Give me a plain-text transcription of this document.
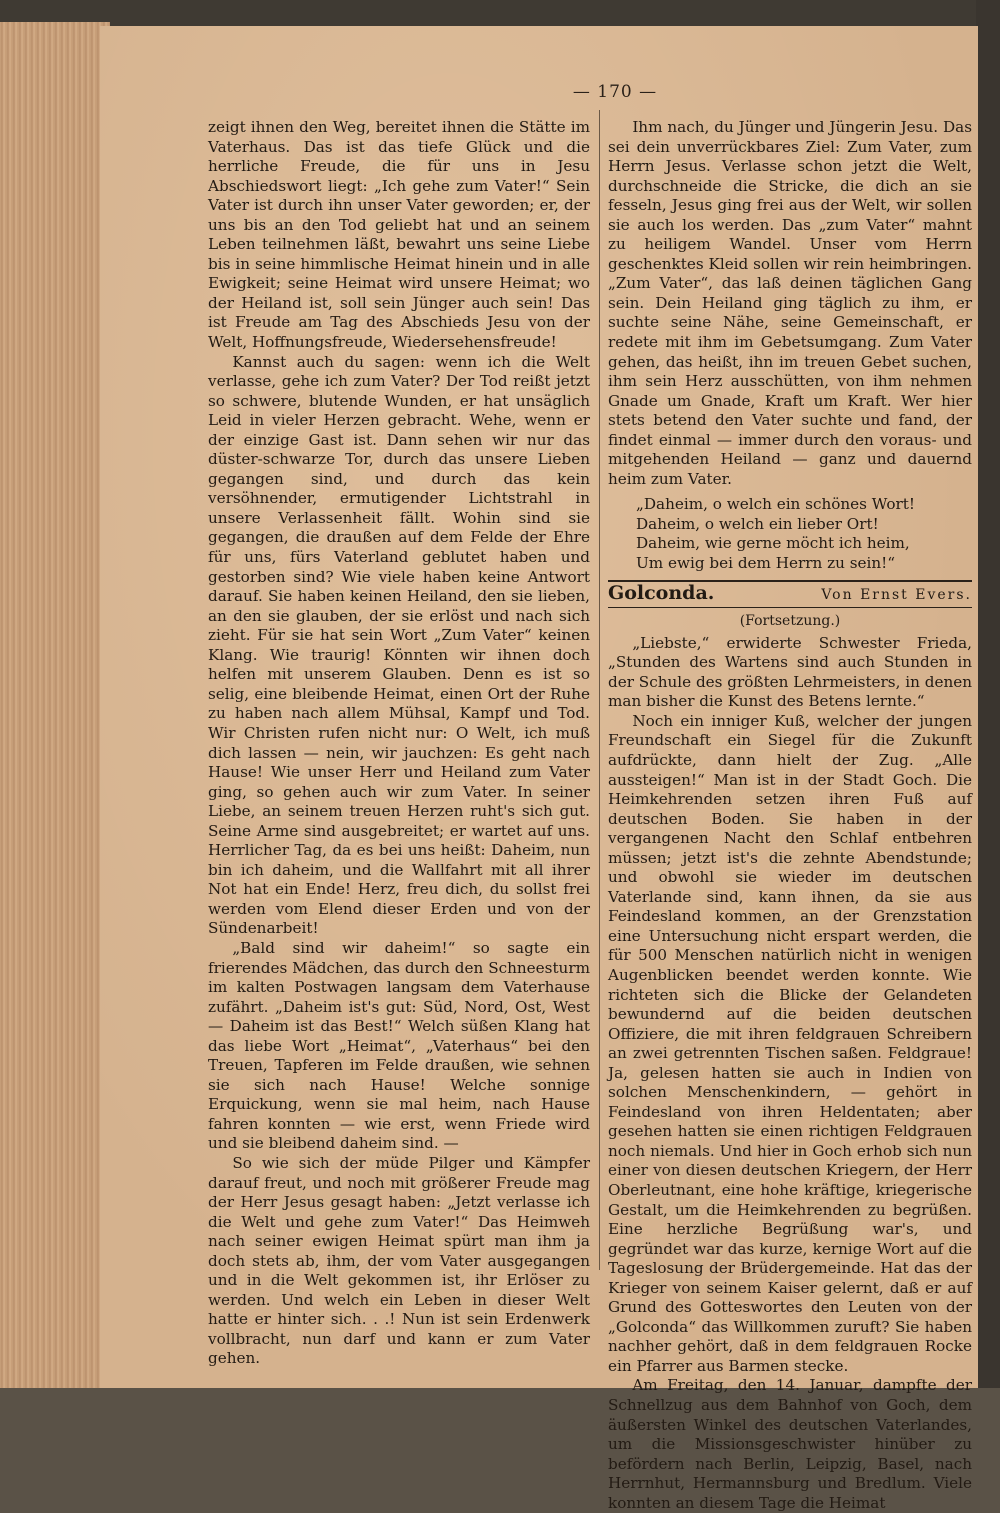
— 170 —

zeigt ihnen den Weg, bereitet ihnen die Stätte im Vaterhaus. Das ist das tiefe Glück und die herrliche Freude, die für uns in Jesu Abschiedswort liegt: „Ich gehe zum Vater!“ Sein Vater ist durch ihn unser Vater geworden; er, der uns bis an den Tod geliebt hat und an seinem Leben teilnehmen läßt, bewahrt uns seine Liebe bis in seine himmlische Heimat hinein und in alle Ewigkeit; seine Heimat wird unsere Heimat; wo der Heiland ist, soll sein Jünger auch sein! Das ist Freude am Tag des Abschieds Jesu von der Welt, Hoffnungsfreude, Wiedersehensfreude!

Kannst auch du sagen: wenn ich die Welt verlasse, gehe ich zum Vater? Der Tod reißt jetzt so schwere, blutende Wunden, er hat unsäglich Leid in vieler Herzen gebracht. Wehe, wenn er der einzige Gast ist. Dann sehen wir nur das düster-schwarze Tor, durch das unsere Lieben gegangen sind, und durch das kein versöhnender, ermutigender Lichtstrahl in unsere Verlassenheit fällt. Wohin sind sie gegangen, die draußen auf dem Felde der Ehre für uns, fürs Vaterland geblutet haben und gestorben sind? Wie viele haben keine Antwort darauf. Sie haben keinen Heiland, den sie lieben, an den sie glauben, der sie erlöst und nach sich zieht. Für sie hat sein Wort „Zum Vater“ keinen Klang. Wie traurig! Könnten wir ihnen doch helfen mit unserem Glauben. Denn es ist so selig, eine bleibende Heimat, einen Ort der Ruhe zu haben nach allem Mühsal, Kampf und Tod. Wir Christen rufen nicht nur: O Welt, ich muß dich lassen — nein, wir jauchzen: Es geht nach Hause! Wie unser Herr und Heiland zum Vater ging, so gehen auch wir zum Vater. In seiner Liebe, an seinem treuen Herzen ruht's sich gut. Seine Arme sind ausgebreitet; er wartet auf uns. Herrlicher Tag, da es bei uns heißt: Daheim, nun bin ich daheim, und die Wallfahrt mit all ihrer Not hat ein Ende! Herz, freu dich, du sollst frei werden vom Elend dieser Erden und von der Sündenarbeit!

„Bald sind wir daheim!“ so sagte ein frierendes Mädchen, das durch den Schneesturm im kalten Postwagen langsam dem Vaterhause zufährt. „Daheim ist's gut: Süd, Nord, Ost, West — Daheim ist das Best!“ Welch süßen Klang hat das liebe Wort „Heimat“, „Vaterhaus“ bei den Treuen, Tapferen im Felde draußen, wie sehnen sie sich nach Hause! Welche sonnige Erquickung, wenn sie mal heim, nach Hause fahren konnten — wie erst, wenn Friede wird und sie bleibend daheim sind. —

So wie sich der müde Pilger und Kämpfer darauf freut, und noch mit größerer Freude mag der Herr Jesus gesagt haben: „Jetzt verlasse ich die Welt und gehe zum Vater!“ Das Heimweh nach seiner ewigen Heimat spürt man ihm ja doch stets ab, ihm, der vom Vater ausgegangen und in die Welt gekommen ist, ihr Erlöser zu werden. Und welch ein Leben in dieser Welt hatte er hinter sich. . .! Nun ist sein Erdenwerk vollbracht, nun darf und kann er zum Vater gehen.

Ihm nach, du Jünger und Jüngerin Jesu. Das sei dein unverrückbares Ziel: Zum Vater, zum Herrn Jesus. Verlasse schon jetzt die Welt, durchschneide die Stricke, die dich an sie fesseln, Jesus ging frei aus der Welt, wir sollen sie auch los werden. Das „zum Vater“ mahnt zu heiligem Wandel. Unser vom Herrn geschenktes Kleid sollen wir rein heimbringen. „Zum Vater“, das laß deinen täglichen Gang sein. Dein Heiland ging täglich zu ihm, er suchte seine Nähe, seine Gemeinschaft, er redete mit ihm im Gebetsumgang. Zum Vater gehen, das heißt, ihn im treuen Gebet suchen, ihm sein Herz ausschütten, von ihm nehmen Gnade um Gnade, Kraft um Kraft. Wer hier stets betend den Vater suchte und fand, der findet einmal — immer durch den voraus- und mitgehenden Heiland — ganz und dauernd heim zum Vater.

„Daheim, o welch ein schönes Wort!
Daheim, o welch ein lieber Ort!
Daheim, wie gerne möcht ich heim,
Um ewig bei dem Herrn zu sein!“
Golconda.	Von Ernst Evers.
(Fortsetzung.)

„Liebste,“ erwiderte Schwester Frieda, „Stunden des Wartens sind auch Stunden in der Schule des größten Lehrmeisters, in denen man bisher die Kunst des Betens lernte.“

Noch ein inniger Kuß, welcher der jungen Freundschaft ein Siegel für die Zukunft aufdrückte, dann hielt der Zug. „Alle aussteigen!“ Man ist in der Stadt Goch. Die Heimkehrenden setzen ihren Fuß auf deutschen Boden. Sie haben in der vergangenen Nacht den Schlaf entbehren müssen; jetzt ist's die zehnte Abendstunde; und obwohl sie wieder im deutschen Vaterlande sind, kann ihnen, da sie aus Feindesland kommen, an der Grenzstation eine Untersuchung nicht erspart werden, die für 500 Menschen natürlich nicht in wenigen Augenblicken beendet werden konnte. Wie richteten sich die Blicke der Gelandeten bewundernd auf die beiden deutschen Offiziere, die mit ihren feldgrauen Schreibern an zwei getrennten Tischen saßen. Feldgraue! Ja, gelesen hatten sie auch in Indien von solchen Menschenkindern, — gehört in Feindesland von ihren Heldentaten; aber gesehen hatten sie einen richtigen Feldgrauen noch niemals. Und hier in Goch erhob sich nun einer von diesen deutschen Kriegern, der Herr Oberleutnant, eine hohe kräftige, kriegerische Gestalt, um die Heimkehrenden zu begrüßen. Eine herzliche Begrüßung war's, und gegründet war das kurze, kernige Wort auf die Tageslosung der Brüdergemeinde. Hat das der Krieger von seinem Kaiser gelernt, daß er auf Grund des Gotteswortes den Leuten von der „Golconda“ das Willkommen zuruft? Sie haben nachher gehört, daß in dem feldgrauen Rocke ein Pfarrer aus Barmen stecke.

Am Freitag, den 14. Januar, dampfte der Schnellzug aus dem Bahnhof von Goch, dem äußersten Winkel des deutschen Vaterlandes, um die Missionsgeschwister hinüber zu befördern nach Berlin, Leipzig, Basel, nach Herrnhut, Hermannsburg und Bredlum. Viele konnten an diesem Tage die Heimat
